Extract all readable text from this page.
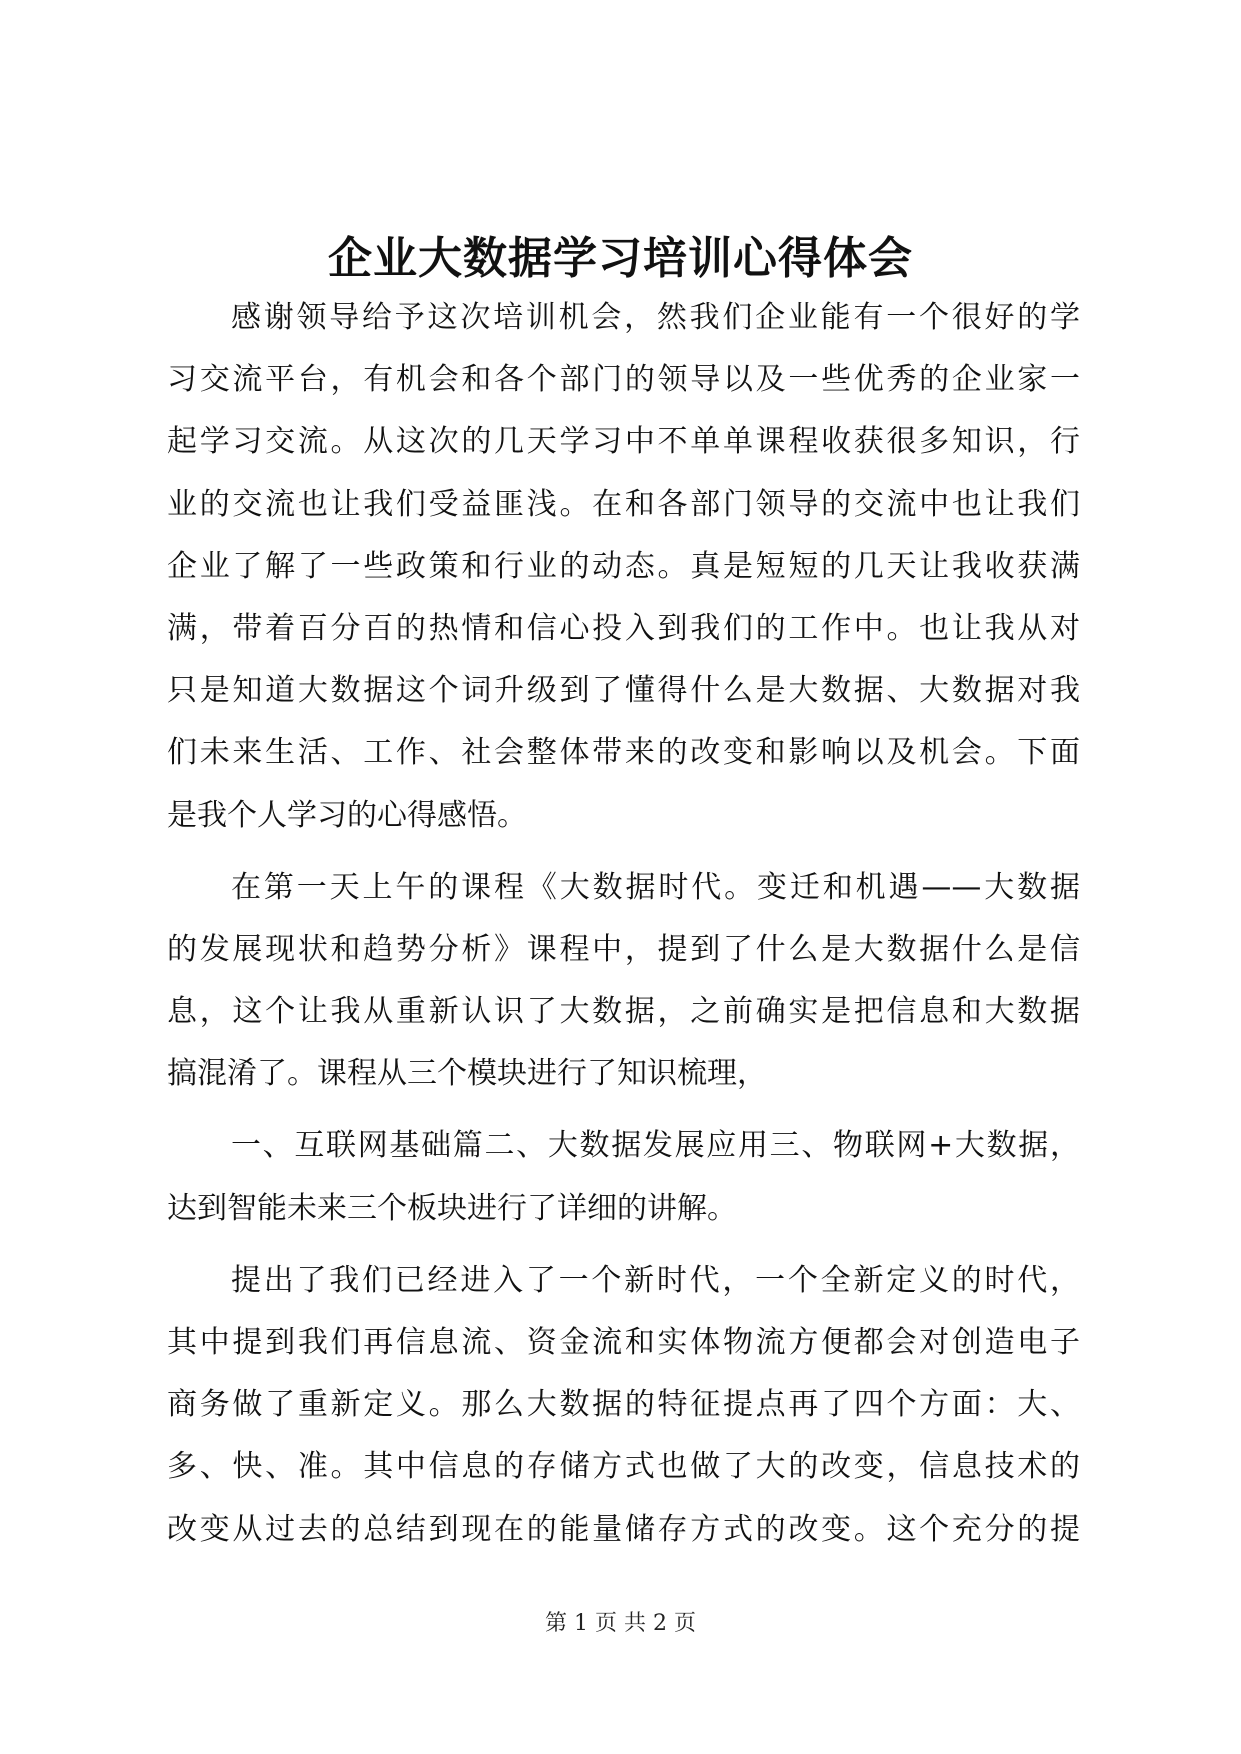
企业大数据学习培训心得体会
感谢领导给予这次培训机会，然我们企业能有一个很好的学
习交流平台，有机会和各个部门的领导以及一些优秀的企业家一
起学习交流。从这次的几天学习中不单单课程收获很多知识，行
业的交流也让我们受益匪浅。在和各部门领导的交流中也让我们
企业了解了一些政策和行业的动态。真是短短的几天让我收获满
满，带着百分百的热情和信心投入到我们的工作中。也让我从对
只是知道大数据这个词升级到了懂得什么是大数据、大数据对我
们未来生活、工作、社会整体带来的改变和影响以及机会。下面
是我个人学习的心得感悟。
在第一天上午的课程《大数据时代。变迁和机遇——大数据
的发展现状和趋势分析》课程中，提到了什么是大数据什么是信
息，这个让我从重新认识了大数据，之前确实是把信息和大数据
搞混淆了。课程从三个模块进行了知识梳理，
一、互联网基础篇二、大数据发展应用三、物联网+大数据，
达到智能未来三个板块进行了详细的讲解。
提出了我们已经进入了一个新时代，一个全新定义的时代，
其中提到我们再信息流、资金流和实体物流方便都会对创造电子
商务做了重新定义。那么大数据的特征提点再了四个方面：大、
多、快、准。其中信息的存储方式也做了大的改变，信息技术的
改变从过去的总结到现在的能量储存方式的改变。这个充分的提
第 1 页 共 2 页
